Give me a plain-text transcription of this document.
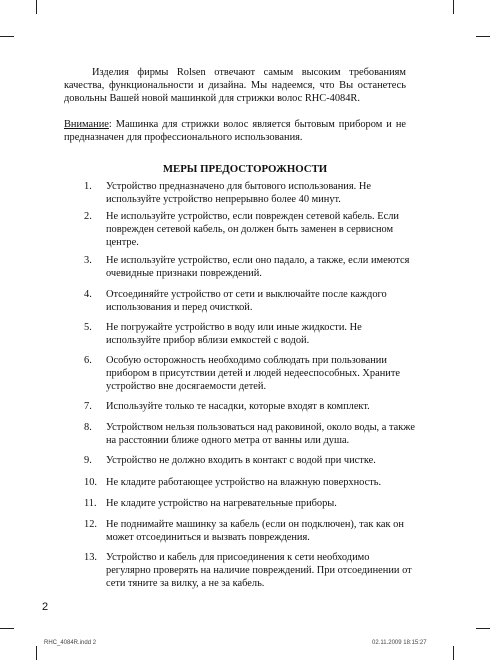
Изделия фирмы Rolsen отвечают самым высоким требованиям качества, функциональности и дизайна. Мы надеемся, что Вы останетесь довольны Вашей новой машинкой для стрижки волос RHC-4084R.

Внимание: Машинка для стрижки волос является бытовым прибором и не предназначен для профессионального использования.

МЕРЫ ПРЕДОСТОРОЖНОСТИ
1. Устройство предназначено для бытового использования. Не используйте устройство непрерывно более 40 минут.
2. Не используйте устройство, если поврежден сетевой кабель. Если поврежден сетевой кабель, он должен быть заменен в сервисном центре.
3. Не используйте устройство, если оно падало, а также, если имеются очевидные признаки повреждений.
4. Отсоединяйте устройство от сети и выключайте после каждого использования и перед очисткой.
5. Не погружайте устройство в воду или иные жидкости. Не используйте прибор вблизи емкостей с водой.
6. Особую осторожность необходимо соблюдать при пользовании прибором в присутствии детей и людей недееспособных. Храните устройство вне досягаемости детей.
7. Используйте только те насадки, которые входят в комплект.
8. Устройством нельзя пользоваться над раковиной, около воды, а также на расстоянии ближе одного метра от ванны или душа.
9. Устройство не должно входить в контакт с водой при чистке.
10. Не кладите работающее устройство на влажную поверхность.
11. Не кладите устройство на нагревательные приборы.
12. Не поднимайте машинку за кабель (если он подключен), так как он может отсоединиться и вызвать повреждения.
13. Устройство и кабель для присоединения к сети необходимо регулярно проверять на наличие повреждений. При отсоединении от сети тяните за вилку, а не за кабель.
2
RHC_4084R.indd 2	02.11.2009 18:15:27
